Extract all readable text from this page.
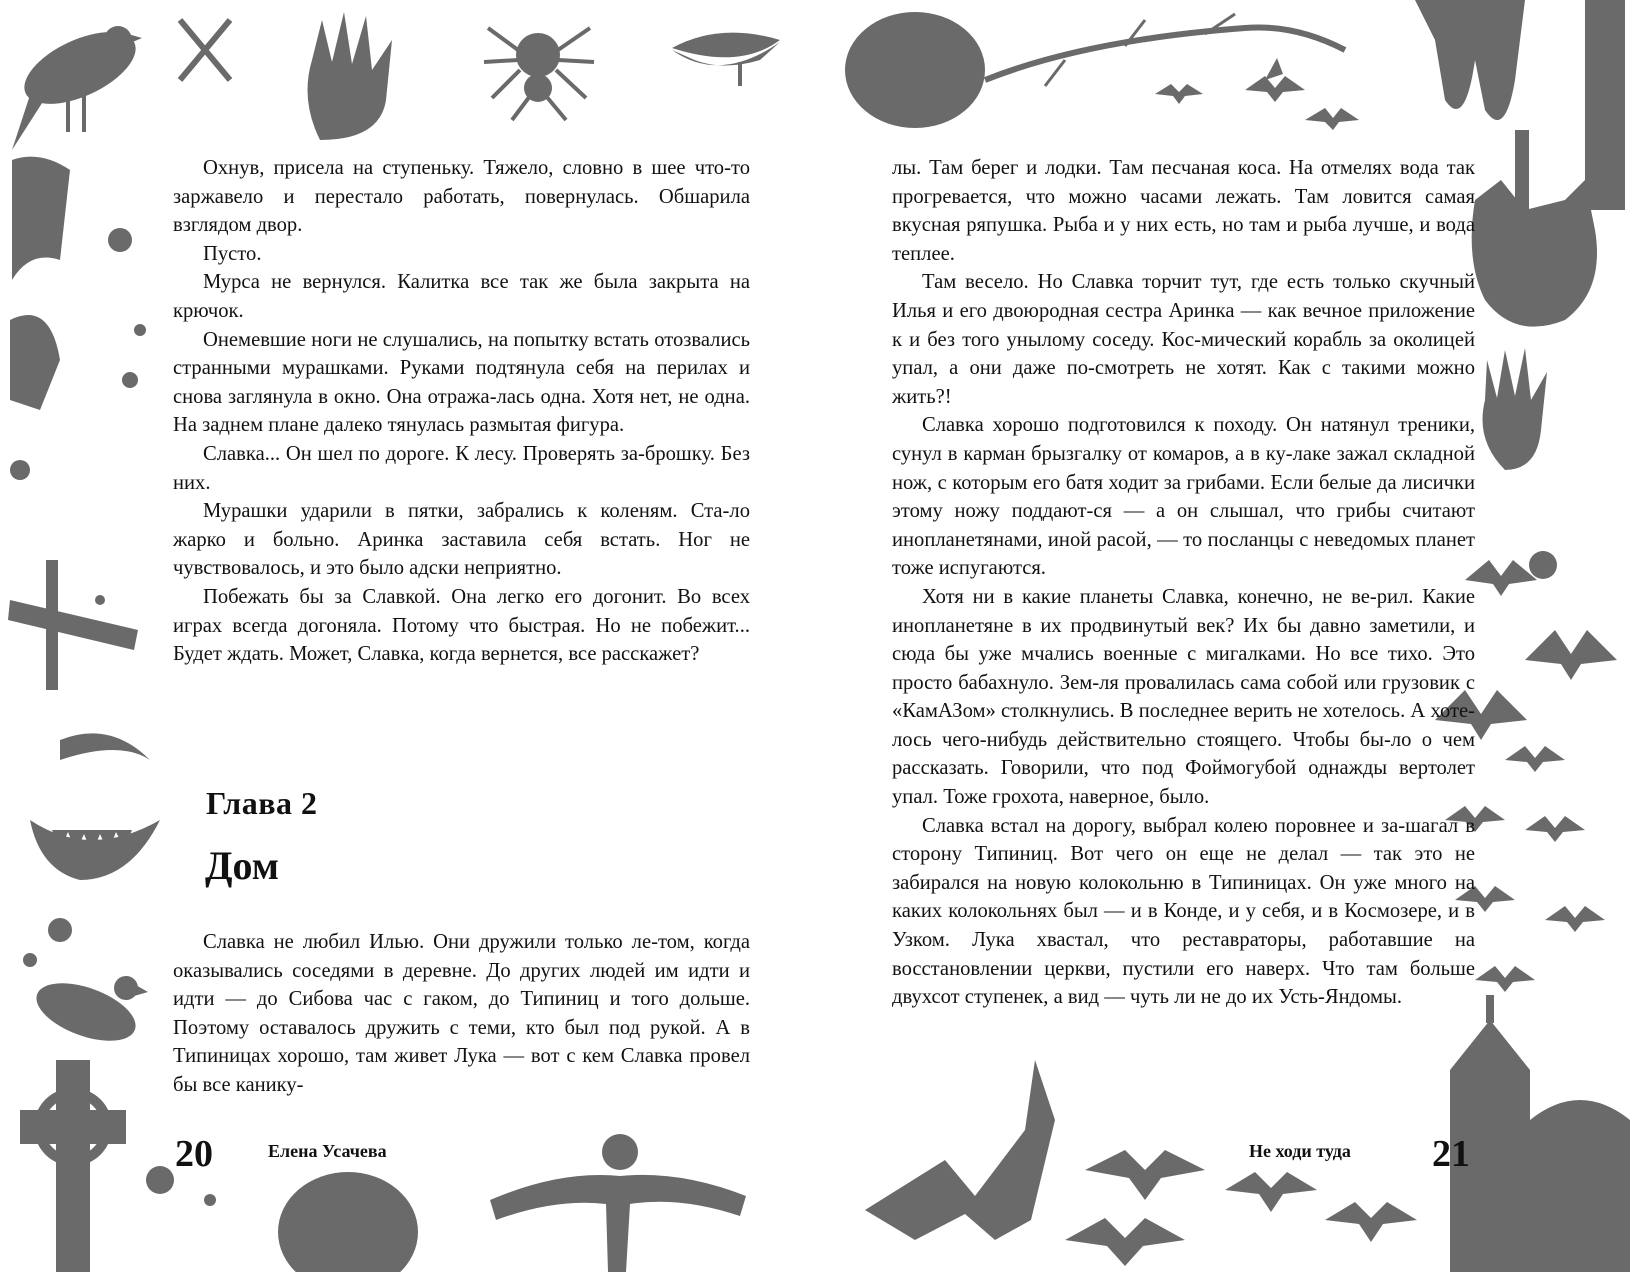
Охнув, присела на ступеньку. Тяжело, словно в шее что-то заржавело и перестало работать, повернулась. Обшарила взглядом двор.

Пусто.

Мурса не вернулся. Калитка все так же была закрыта на крючок.

Онемевшие ноги не слушались, на попытку встать отозвались странными мурашками. Руками подтянула себя на перилах и снова заглянула в окно. Она отража-лась одна. Хотя нет, не одна. На заднем плане далеко тянулась размытая фигура.

Славка... Он шел по дороге. К лесу. Проверять за-брошку. Без них.

Мурашки ударили в пятки, забрались к коленям. Ста-ло жарко и больно. Аринка заставила себя встать. Ног не чувствовалось, и это было адски неприятно.

Побежать бы за Славкой. Она легко его догонит. Во всех играх всегда догоняла. Потому что быстрая. Но не побежит... Будет ждать. Может, Славка, когда вернется, все расскажет?

Глава 2
Дом

Славка не любил Илью. Они дружили только ле-том, когда оказывались соседями в деревне. До других людей им идти и идти — до Сибова час с гаком, до Типиниц и того дольше. Поэтому оставалось дружить с теми, кто был под рукой. А в Типиницах хорошо, там живет Лука — вот с кем Славка провел бы все канику-

20	Елена Усачева

лы. Там берег и лодки. Там песчаная коса. На отмелях вода так прогревается, что можно часами лежать. Там ловится самая вкусная ряпушка. Рыба и у них есть, но там и рыба лучше, и вода теплее.

Там весело. Но Славка торчит тут, где есть только скучный Илья и его двоюродная сестра Аринка — как вечное приложение к и без того унылому соседу. Кос-мический корабль за околицей упал, а они даже по-смотреть не хотят. Как с такими можно жить?!

Славка хорошо подготовился к походу. Он натянул треники, сунул в карман брызгалку от комаров, а в ку-лаке зажал складной нож, с которым его батя ходит за грибами. Если белые да лисички этому ножу поддают-ся — а он слышал, что грибы считают инопланетянами, иной расой, — то посланцы с неведомых планет тоже испугаются.

Хотя ни в какие планеты Славка, конечно, не ве-рил. Какие инопланетяне в их продвинутый век? Их бы давно заметили, и сюда бы уже мчались военные с мигалками. Но все тихо. Это просто бабахнуло. Зем-ля провалилась сама собой или грузовик с «КамАЗом» столкнулись. В последнее верить не хотелось. А хоте-лось чего-нибудь действительно стоящего. Чтобы бы-ло о чем рассказать. Говорили, что под Фоймогубой однажды вертолет упал. Тоже грохота, наверное, было.

Славка встал на дорогу, выбрал колею поровнее и за-шагал в сторону Типиниц. Вот чего он еще не делал — так это не забирался на новую колокольню в Типиницах. Он уже много на каких колокольнях был — и в Конде, и у себя, и в Космозере, и в Узком. Лука хвастал, что реставраторы, работавшие на восстановлении церкви, пустили его наверх. Что там больше двухсот ступенек, а вид — чуть ли не до их Усть-Яндомы.

Не ходи туда 21
